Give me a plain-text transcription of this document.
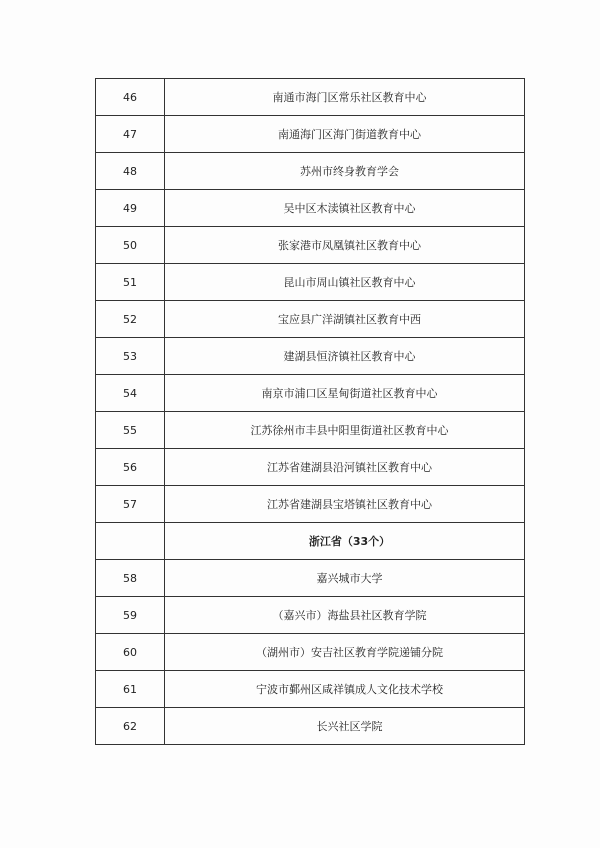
46	南通市海门区常乐社区教育中心
47	南通海门区海门街道教育中心
48	苏州市终身教育学会
49	吴中区木渎镇社区教育中心
50	张家港市凤凰镇社区教育中心
51	昆山市周山镇社区教育中心
52	宝应县广洋湖镇社区教育中西
53	建湖县恒济镇社区教育中心
54	南京市浦口区星甸街道社区教育中心
55	江苏徐州市丰县中阳里街道社区教育中心
56	江苏省建湖县沿河镇社区教育中心
57	江苏省建湖县宝塔镇社区教育中心
	浙江省（33个）
58	嘉兴城市大学
59	（嘉兴市）海盐县社区教育学院
60	（湖州市）安吉社区教育学院递铺分院
61	宁波市鄞州区咸祥镇成人文化技术学校
62	长兴社区学院
